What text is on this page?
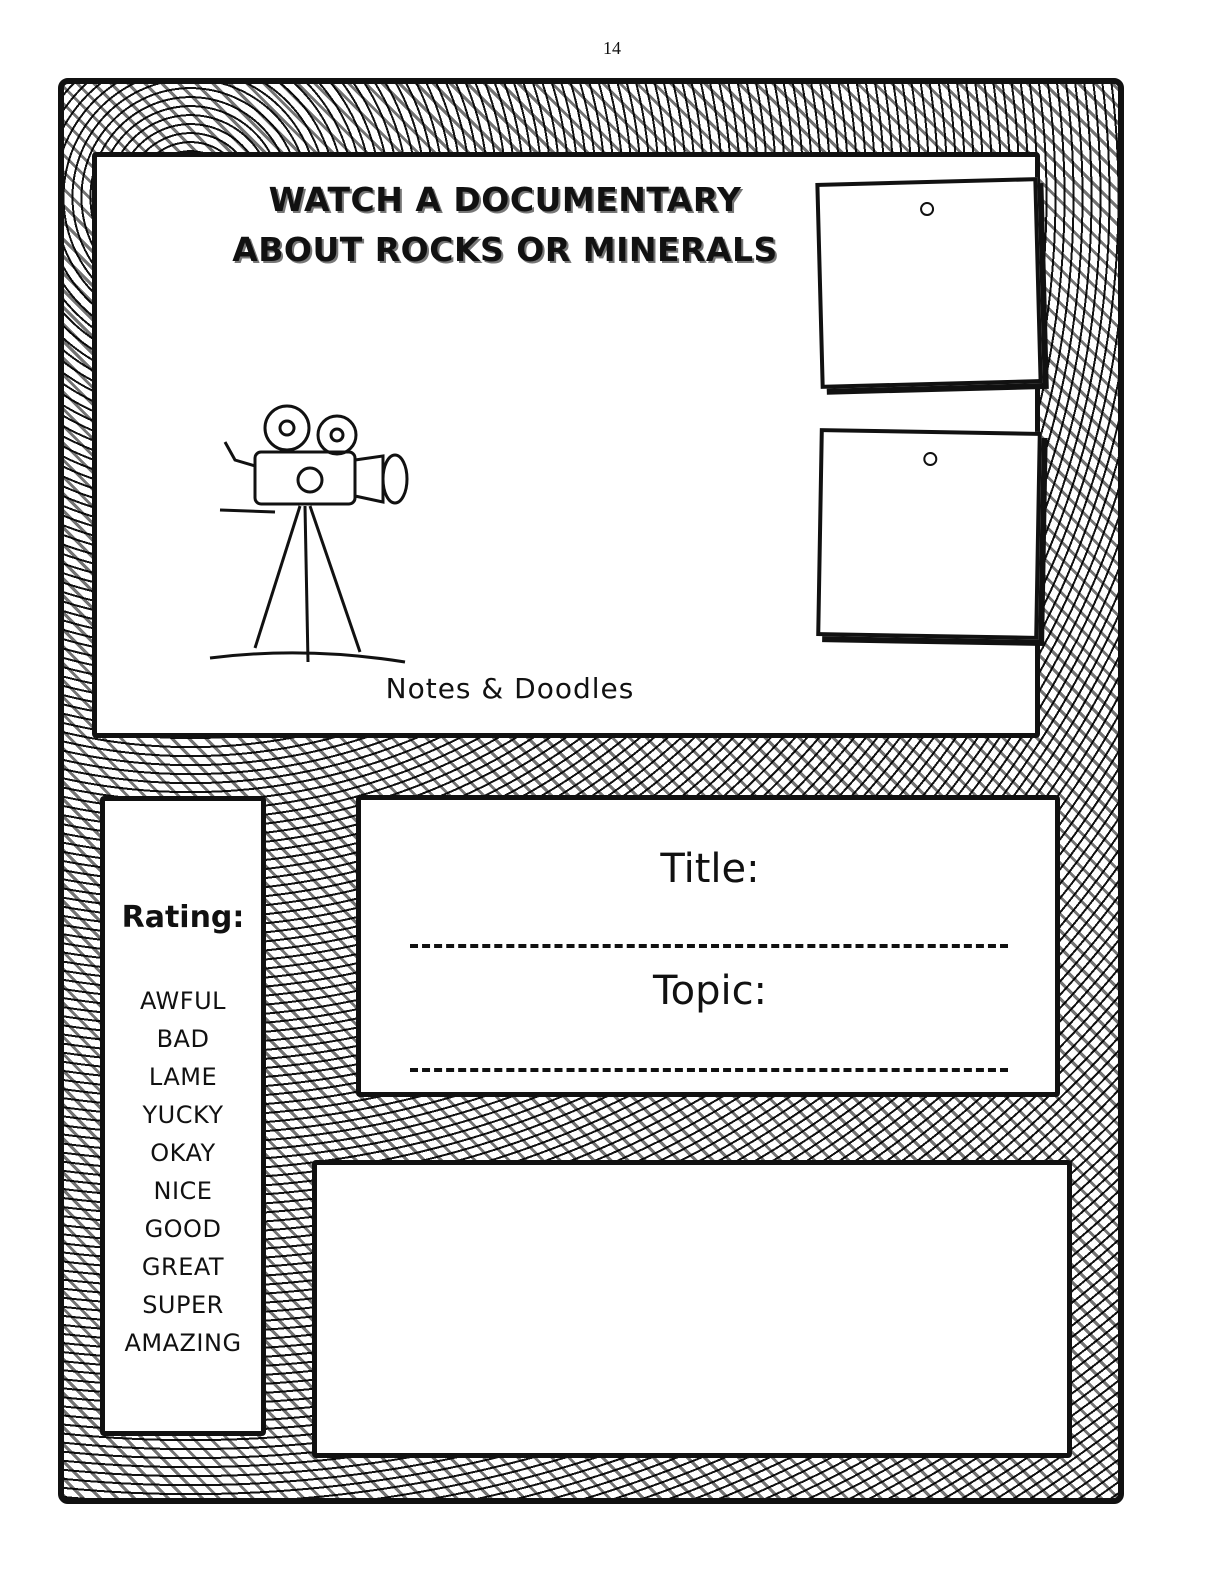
14
WATCH A DOCUMENTARY
ABOUT ROCKS OR MINERALS
Notes & Doodles
Title:
Topic:
Rating:
AWFUL
BAD
LAME
YUCKY
OKAY
NICE
GOOD
GREAT
SUPER
AMAZING
